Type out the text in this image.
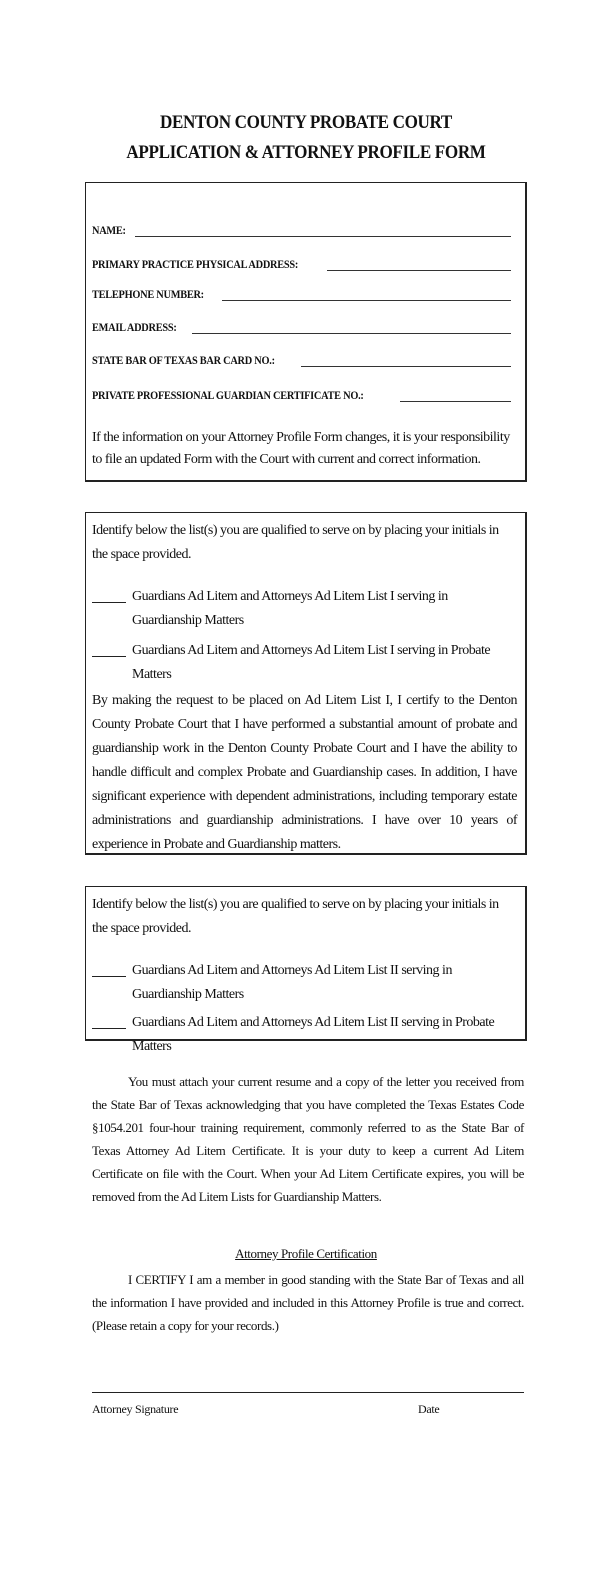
DENTON COUNTY PROBATE COURT
APPLICATION & ATTORNEY PROFILE FORM
NAME:
PRIMARY PRACTICE PHYSICAL ADDRESS:
TELEPHONE NUMBER:
EMAIL ADDRESS:
STATE BAR OF TEXAS BAR CARD NO.:
PRIVATE PROFESSIONAL GUARDIAN CERTIFICATE NO.:
If the information on your Attorney Profile Form changes, it is your responsibility to file an updated Form with the Court with current and correct information.
Identify below the list(s) you are qualified to serve on by placing your initials in the space provided.
Guardians Ad Litem and Attorneys Ad Litem List I serving in Guardianship Matters
Guardians Ad Litem and Attorneys Ad Litem List I serving in Probate Matters
By making the request to be placed on Ad Litem List I, I certify to the Denton County Probate Court that I have performed a substantial amount of probate and guardianship work in the Denton County Probate Court and I have the ability to handle difficult and complex Probate and Guardianship cases. In addition, I have significant experience with dependent administrations, including temporary estate administrations and guardianship administrations. I have over 10 years of experience in Probate and Guardianship matters.
Identify below the list(s) you are qualified to serve on by placing your initials in the space provided.
Guardians Ad Litem and Attorneys Ad Litem List II serving in Guardianship Matters
Guardians Ad Litem and Attorneys Ad Litem List II serving in Probate Matters
You must attach your current resume and a copy of the letter you received from the State Bar of Texas acknowledging that you have completed the Texas Estates Code §1054.201 four-hour training requirement, commonly referred to as the State Bar of Texas Attorney Ad Litem Certificate. It is your duty to keep a current Ad Litem Certificate on file with the Court. When your Ad Litem Certificate expires, you will be removed from the Ad Litem Lists for Guardianship Matters.
Attorney Profile Certification
I CERTIFY I am a member in good standing with the State Bar of Texas and all the information I have provided and included in this Attorney Profile is true and correct. (Please retain a copy for your records.)
Attorney Signature	Date
